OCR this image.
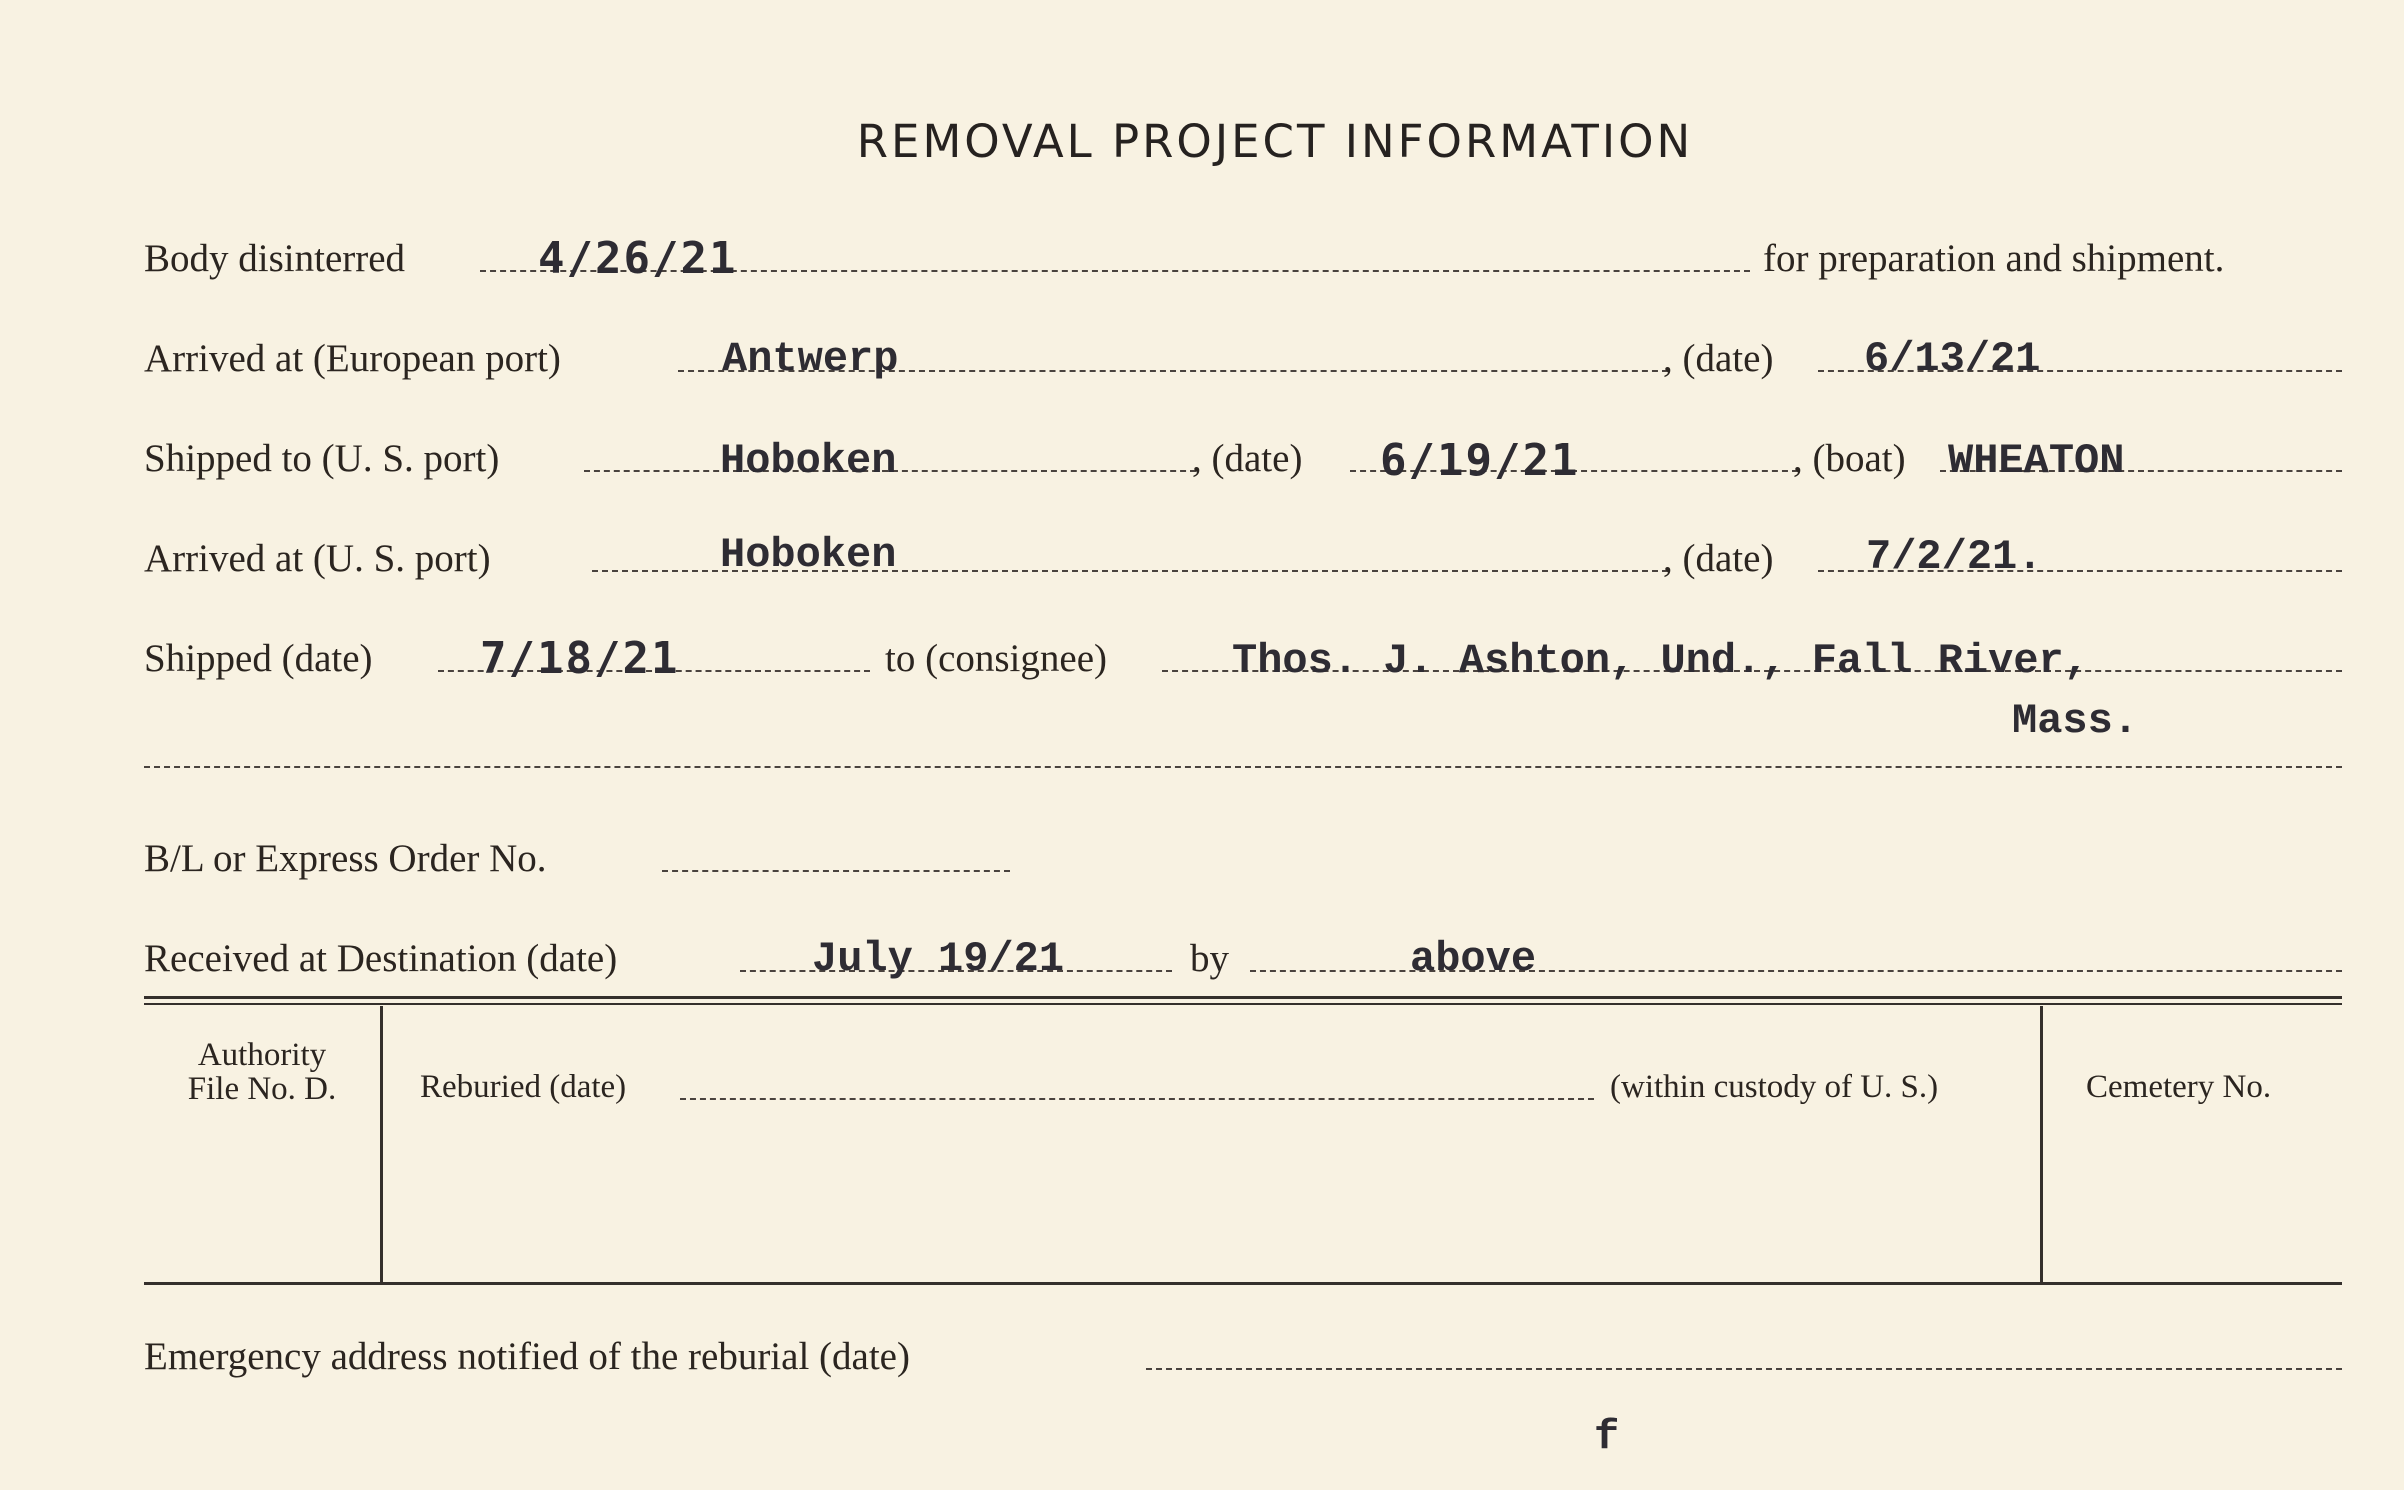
REMOVAL PROJECT INFORMATION
Body disinterred	4/26/21	for preparation and shipment.
Arrived at (European port)	Antwerp	, (date) 6/13/21
Shipped to (U. S. port)	Hoboken	, (date) 6/19/21	, (boat) WHEATON
Arrived at (U. S. port)	Hoboken	, (date) 7/2/21.
Shipped (date) 7/18/21	to (consignee)	Thos. J. Ashton, Und., Fall River,
Mass.
B/L or Express Order No.
Received at Destination (date)	July 19/21	by	above
Authority
File No. D.	Reburied (date)	(within custody of U. S.)	Cemetery No.
Emergency address notified of the reburial (date)
f
